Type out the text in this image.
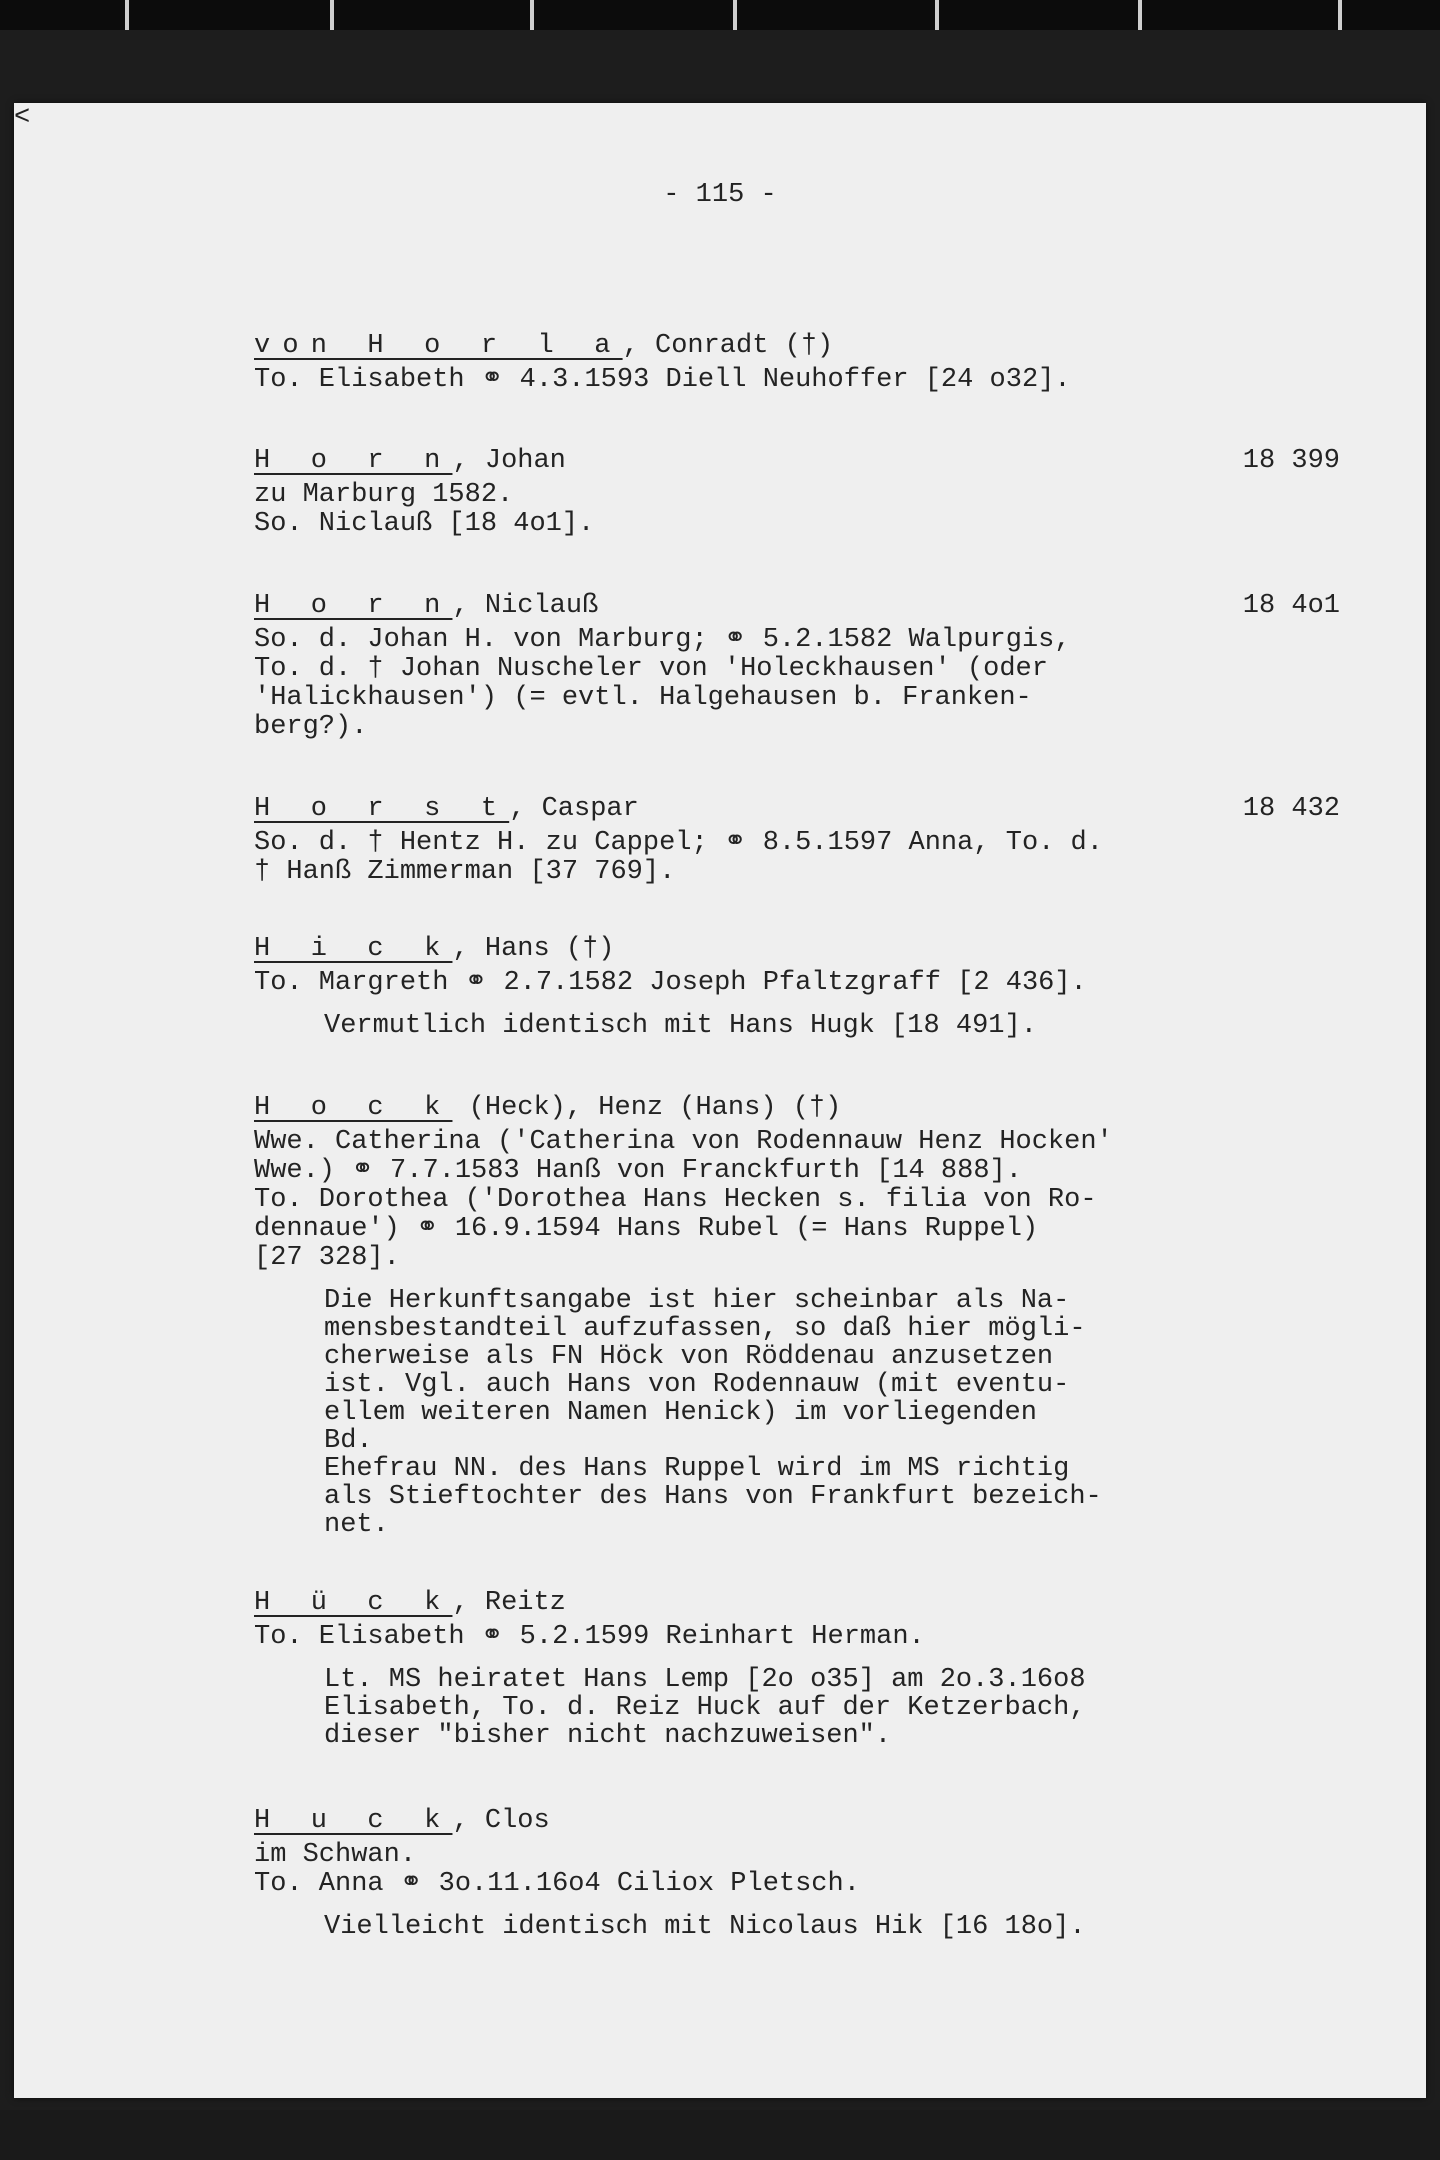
- 115 -
von H o r l a, Conradt (†)
To. Elisabeth ⚭ 4.3.1593 Diell Neuhoffer [24 o32].
H o r n, Johan	18 399
zu Marburg 1582.
So. Niclauß [18 4o1].
H o r n, Niclauß	18 4o1
So. d. Johan H. von Marburg; ⚭ 5.2.1582 Walpurgis,
To. d. † Johan Nuscheler von 'Holeckhausen' (oder
'Halickhausen') (= evtl. Halgehausen b. Franken-
berg?).
H o r s t, Caspar	18 432
So. d. † Hentz H. zu Cappel; ⚭ 8.5.1597 Anna, To. d.
† Hanß Zimmerman [37 769].
H i c k, Hans (†)
To. Margreth ⚭ 2.7.1582 Joseph Pfaltzgraff [2 436].
Vermutlich identisch mit Hans Hugk [18 491].
H o c k (Heck), Henz (Hans) (†)
Wwe. Catherina ('Catherina von Rodennauw Henz Hocken'
Wwe.) ⚭ 7.7.1583 Hanß von Franckfurth [14 888].
To. Dorothea ('Dorothea Hans Hecken s. filia von Ro-
dennaue') ⚭ 16.9.1594 Hans Rubel (= Hans Ruppel)
[27 328].
Die Herkunftsangabe ist hier scheinbar als Na-
mensbestandteil aufzufassen, so daß hier mögli-
cherweise als FN Höck von Röddenau anzusetzen
ist. Vgl. auch Hans von Rodennauw (mit eventu-
ellem weiteren Namen Henick) im vorliegenden
Bd.
Ehefrau NN. des Hans Ruppel wird im MS richtig
als Stieftochter des Hans von Frankfurt bezeich-
net.
H ü c k, Reitz
To. Elisabeth ⚭ 5.2.1599 Reinhart Herman.
Lt. MS heiratet Hans Lemp [2o o35] am 2o.3.16o8
Elisabeth, To. d. Reiz Huck auf der Ketzerbach,
dieser "bisher nicht nachzuweisen".
<
H u c k, Clos
im Schwan.
To. Anna ⚭ 3o.11.16o4 Ciliox Pletsch.
Vielleicht identisch mit Nicolaus Hik [16 18o].
